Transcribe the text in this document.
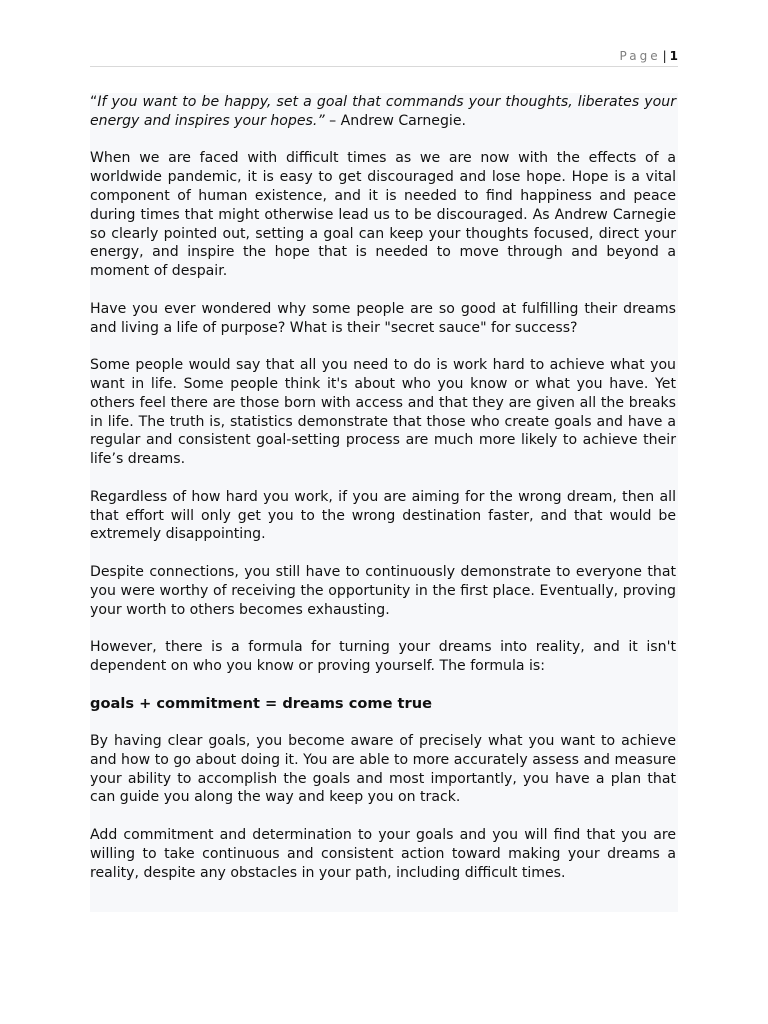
Page | 1

“If you want to be happy, set a goal that commands your thoughts, liberates your energy and inspires your hopes.” – Andrew Carnegie.

When we are faced with difficult times as we are now with the effects of a worldwide pandemic, it is easy to get discouraged and lose hope. Hope is a vital component of human existence, and it is needed to find happiness and peace during times that might otherwise lead us to be discouraged. As Andrew Carnegie so clearly pointed out, setting a goal can keep your thoughts focused, direct your energy, and inspire the hope that is needed to move through and beyond a moment of despair.

Have you ever wondered why some people are so good at fulfilling their dreams and living a life of purpose? What is their "secret sauce" for success?

Some people would say that all you need to do is work hard to achieve what you want in life. Some people think it's about who you know or what you have. Yet others feel there are those born with access and that they are given all the breaks in life. The truth is, statistics demonstrate that those who create goals and have a regular and consistent goal-setting process are much more likely to achieve their life’s dreams.

Regardless of how hard you work, if you are aiming for the wrong dream, then all that effort will only get you to the wrong destination faster, and that would be extremely disappointing.

Despite connections, you still have to continuously demonstrate to everyone that you were worthy of receiving the opportunity in the first place. Eventually, proving your worth to others becomes exhausting.

However, there is a formula for turning your dreams into reality, and it isn't dependent on who you know or proving yourself. The formula is:

goals + commitment = dreams come true

By having clear goals, you become aware of precisely what you want to achieve and how to go about doing it. You are able to more accurately assess and measure your ability to accomplish the goals and most importantly, you have a plan that can guide you along the way and keep you on track.

Add commitment and determination to your goals and you will find that you are willing to take continuous and consistent action toward making your dreams a reality, despite any obstacles in your path, including difficult times.
